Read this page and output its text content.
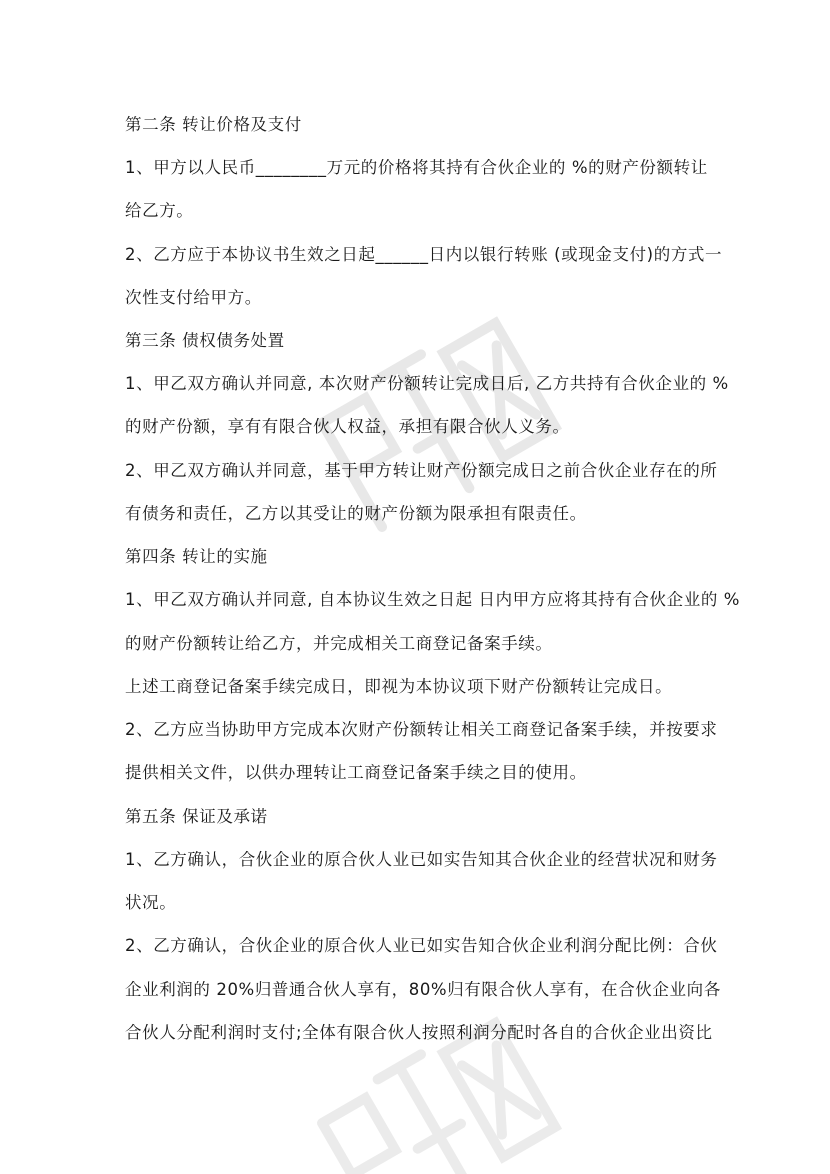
第二条 转让价格及支付
1、甲方以人民币________万元的价格将其持有合伙企业的 %的财产份额转让
给乙方。
2、乙方应于本协议书生效之日起______日内以银行转账 (或现金支付)的方式一
次性支付给甲方。
第三条 债权债务处置
1、甲乙双方确认并同意, 本次财产份额转让完成日后, 乙方共持有合伙企业的 %
的财产份额，享有有限合伙人权益，承担有限合伙人义务。
2、甲乙双方确认并同意，基于甲方转让财产份额完成日之前合伙企业存在的所
有债务和责任，乙方以其受让的财产份额为限承担有限责任。
第四条 转让的实施
1、甲乙双方确认并同意, 自本协议生效之日起 日内甲方应将其持有合伙企业的 %
的财产份额转让给乙方，并完成相关工商登记备案手续。
上述工商登记备案手续完成日，即视为本协议项下财产份额转让完成日。
2、乙方应当协助甲方完成本次财产份额转让相关工商登记备案手续，并按要求
提供相关文件，以供办理转让工商登记备案手续之目的使用。
第五条 保证及承诺
1、乙方确认，合伙企业的原合伙人业已如实告知其合伙企业的经营状况和财务
状况。
2、乙方确认，合伙企业的原合伙人业已如实告知合伙企业利润分配比例：合伙
企业利润的 20%归普通合伙人享有，80%归有限合伙人享有，在合伙企业向各
合伙人分配利润时支付;全体有限合伙人按照利润分配时各自的合伙企业出资比
